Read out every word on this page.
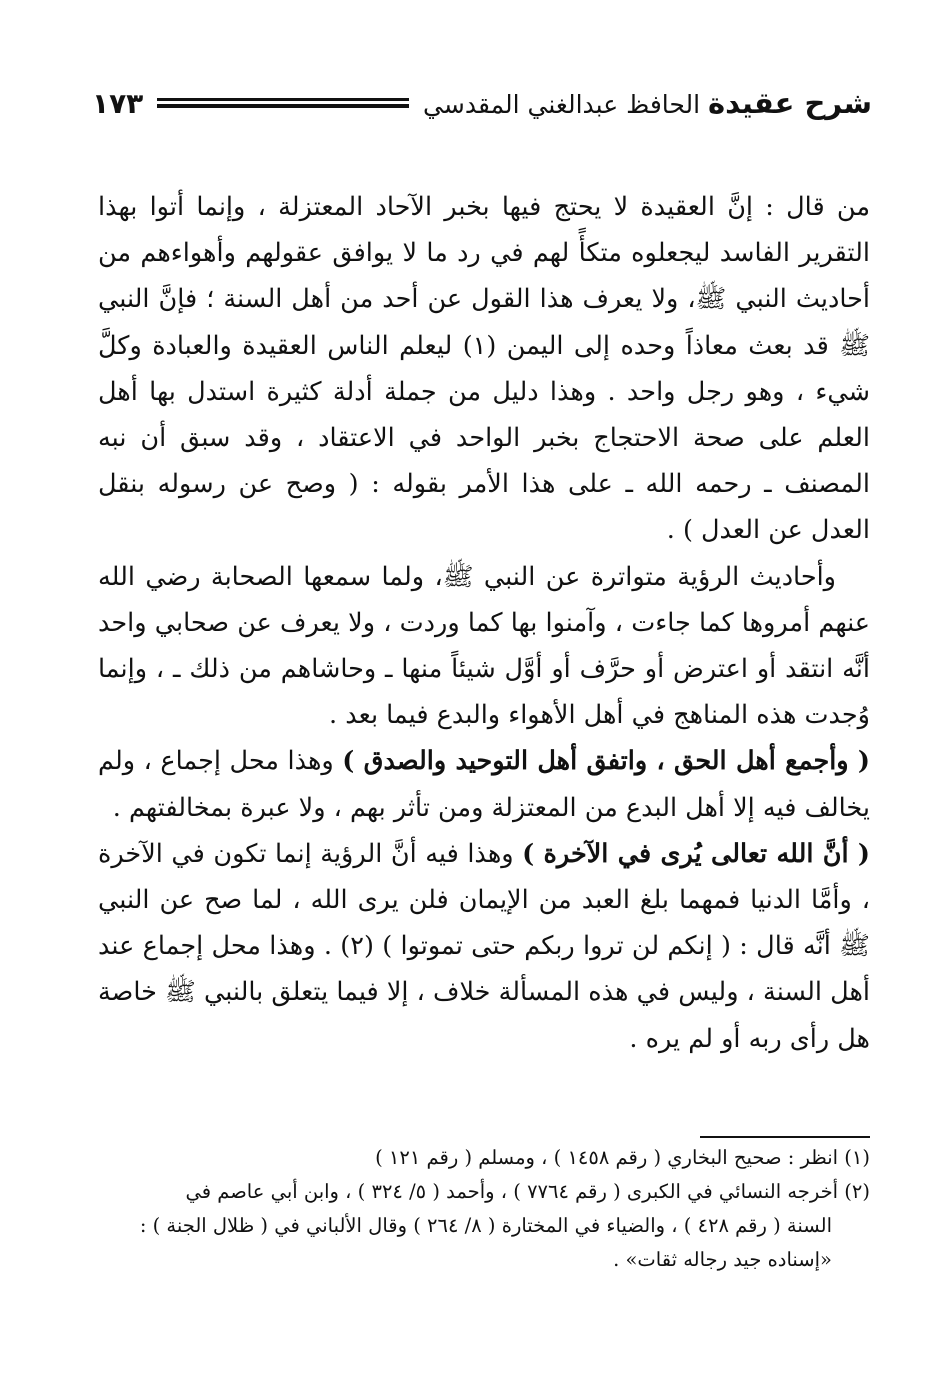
شرح عقيدة الحافظ عبدالغني المقدسي
١٧٣

من قال : إنَّ العقيدة لا يحتج فيها بخبر الآحاد المعتزلة ، وإنما أتوا بهذا التقرير الفاسد ليجعلوه متكأً لهم في رد ما لا يوافق عقولهم وأهواءهم من أحاديث النبي ﷺ، ولا يعرف هذا القول عن أحد من أهل السنة ؛ فإنَّ النبي ﷺ قد بعث معاذاً وحده إلى اليمن (١) ليعلم الناس العقيدة والعبادة وكلَّ شيء ، وهو رجل واحد . وهذا دليل من جملة أدلة كثيرة استدل بها أهل العلم على صحة الاحتجاج بخبر الواحد في الاعتقاد ، وقد سبق أن نبه المصنف ـ رحمه الله ـ على هذا الأمر بقوله : ( وصح عن رسوله بنقل العدل عن العدل ) .

وأحاديث الرؤية متواترة عن النبي ﷺ، ولما سمعها الصحابة رضي الله عنهم أمروها كما جاءت ، وآمنوا بها كما وردت ، ولا يعرف عن صحابي واحد أنَّه انتقد أو اعترض أو حرَّف أو أوَّل شيئاً منها ـ وحاشاهم من ذلك ـ ، وإنما وُجدت هذه المناهج في أهل الأهواء والبدع فيما بعد .

( وأجمع أهل الحق ، واتفق أهل التوحيد والصدق ) وهذا محل إجماع ، ولم يخالف فيه إلا أهل البدع من المعتزلة ومن تأثر بهم ، ولا عبرة بمخالفتهم .

( أنَّ الله تعالى يُرى في الآخرة ) وهذا فيه أنَّ الرؤية إنما تكون في الآخرة ، وأمَّا الدنيا فمهما بلغ العبد من الإيمان فلن يرى الله ، لما صح عن النبي ﷺ أنَّه قال : ( إنكم لن تروا ربكم حتى تموتوا ) (٢) . وهذا محل إجماع عند أهل السنة ، وليس في هذه المسألة خلاف ، إلا فيما يتعلق بالنبي ﷺ خاصة هل رأى ربه أو لم يره .

(١) انظر : صحيح البخاري ( رقم ١٤٥٨ ) ، ومسلم ( رقم ١٢١ )

(٢) أخرجه النسائي في الكبرى ( رقم ٧٧٦٤ ) ، وأحمد ( ٥/ ٣٢٤ ) ، وابن أبي عاصم في

السنة ( رقم ٤٢٨ ) ، والضياء في المختارة ( ٨/ ٢٦٤ ) وقال الألباني في ( ظلال الجنة ) :

«إسناده جيد رجاله ثقات» .
